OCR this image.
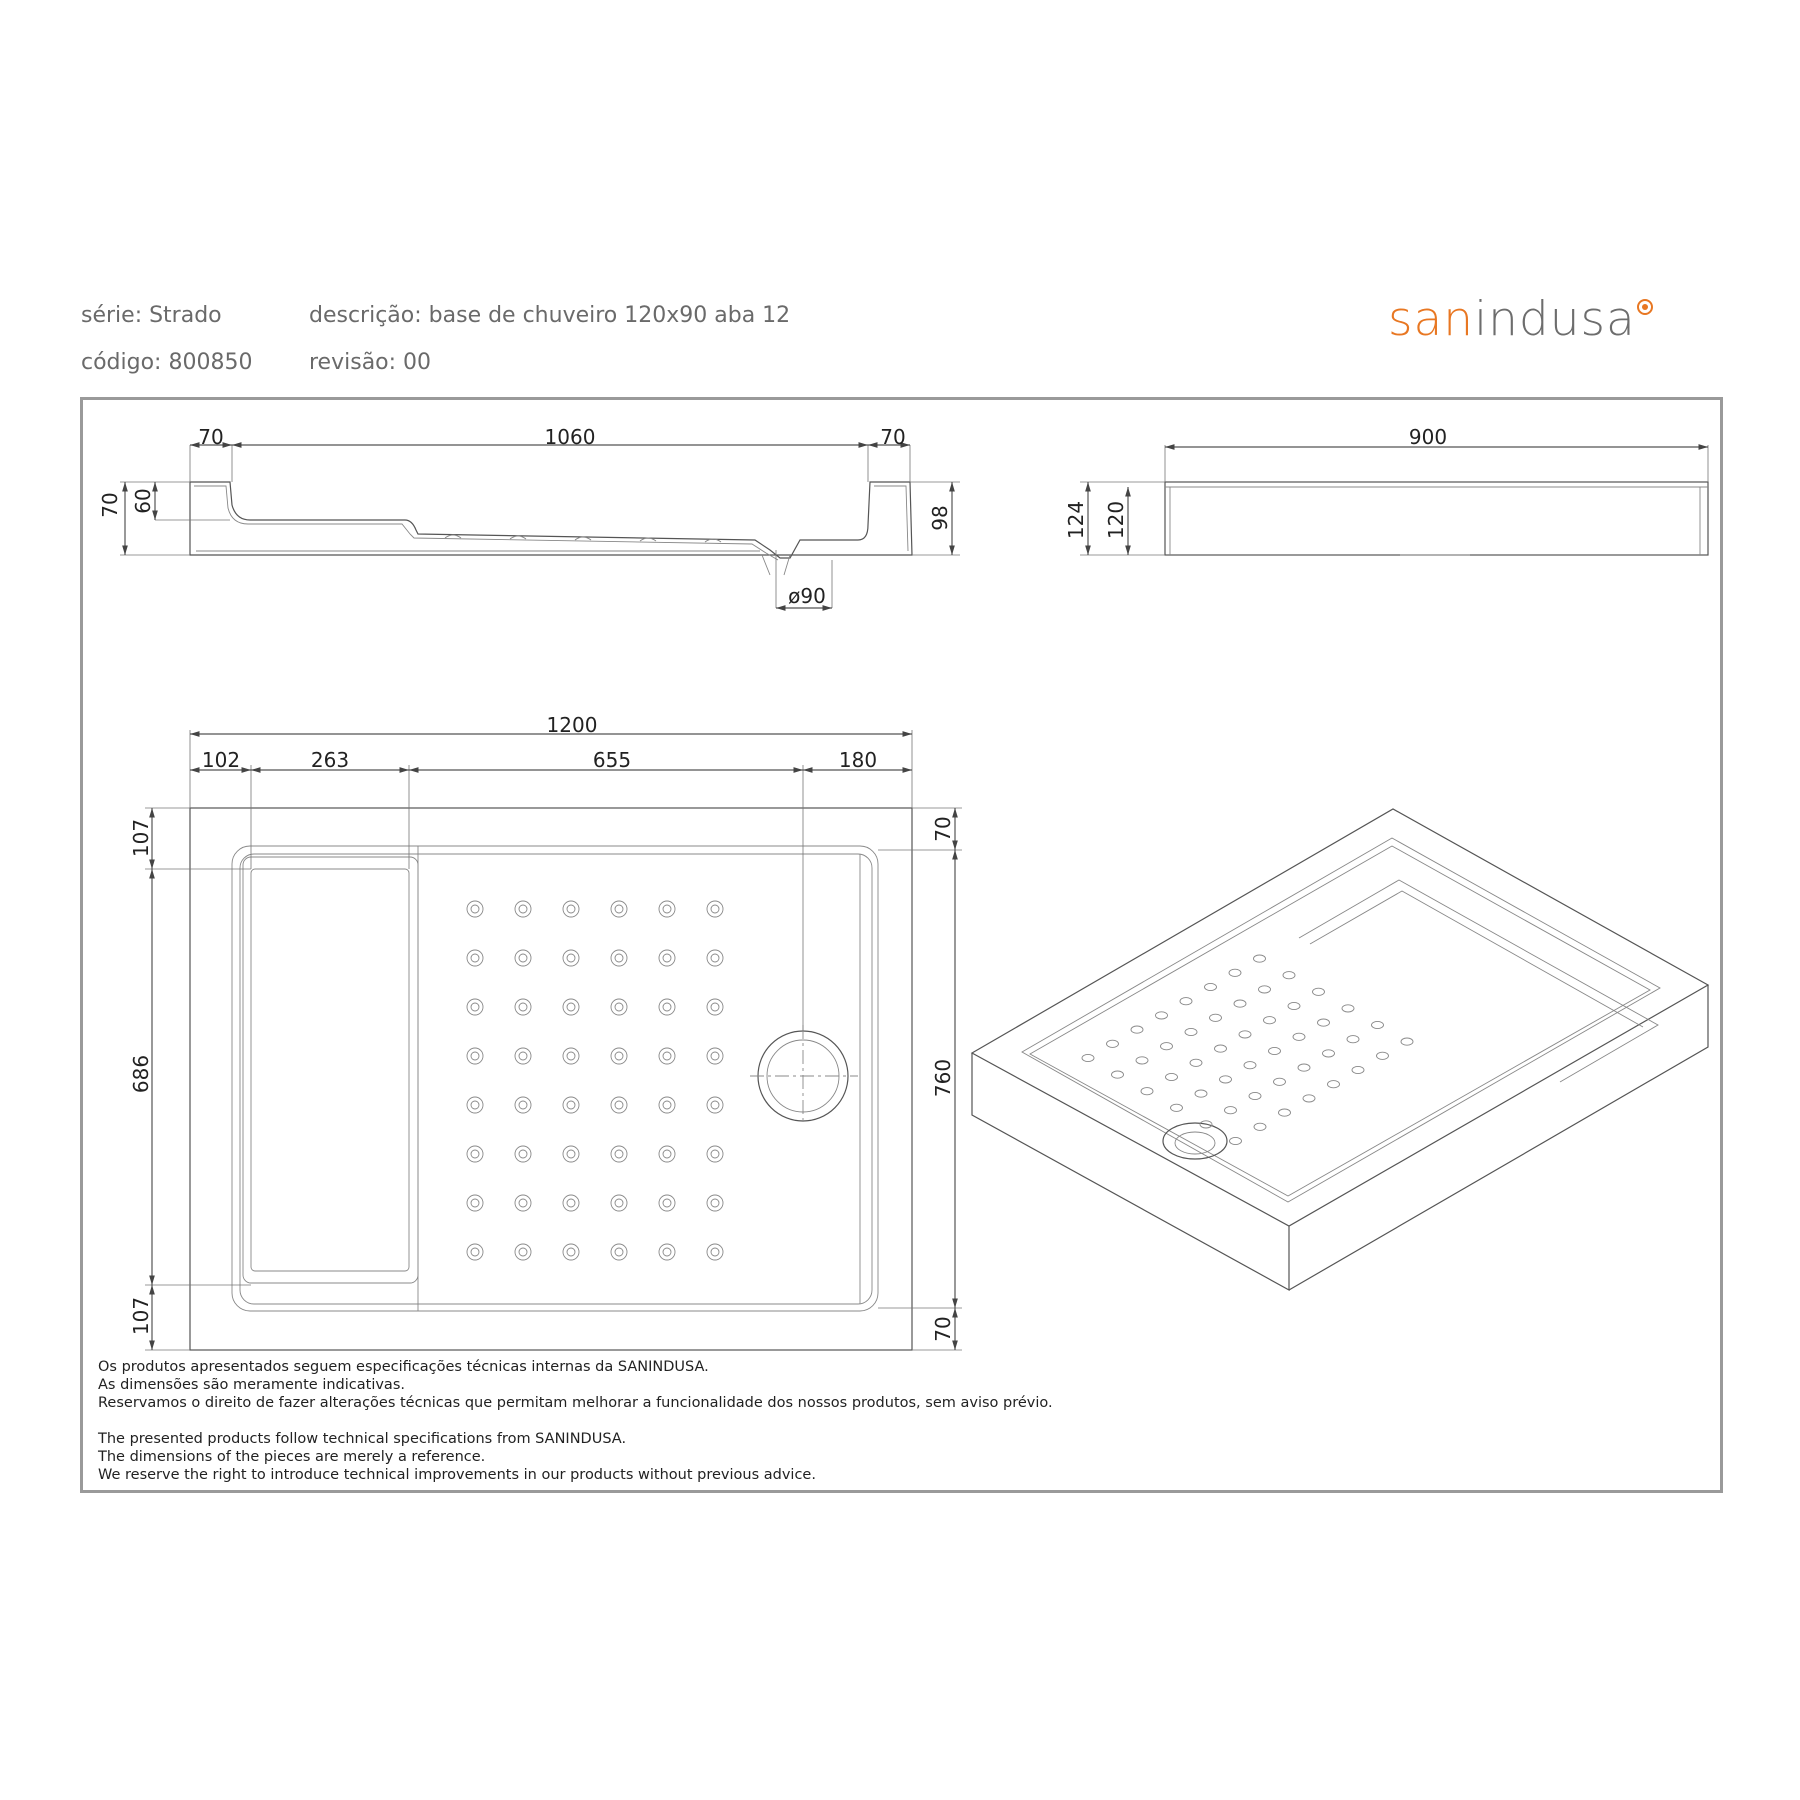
série: Strado	descrição: base de chuveiro 120x90 aba 12
código: 800850	revisão: 00
sanindusa
70	1060	70
70 60
98
ø90
900
124 120
1200
102	263	655	180
107
686
107
70
760
70
Os produtos apresentados seguem especificações técnicas internas da SANINDUSA.
As dimensões são meramente indicativas.
Reservamos o direito de fazer alterações técnicas que permitam melhorar a funcionalidade dos nossos produtos, sem aviso prévio.
The presented products follow technical specifications from SANINDUSA.
The dimensions of the pieces are merely a reference.
We reserve the right to introduce technical improvements in our products without previous advice.
